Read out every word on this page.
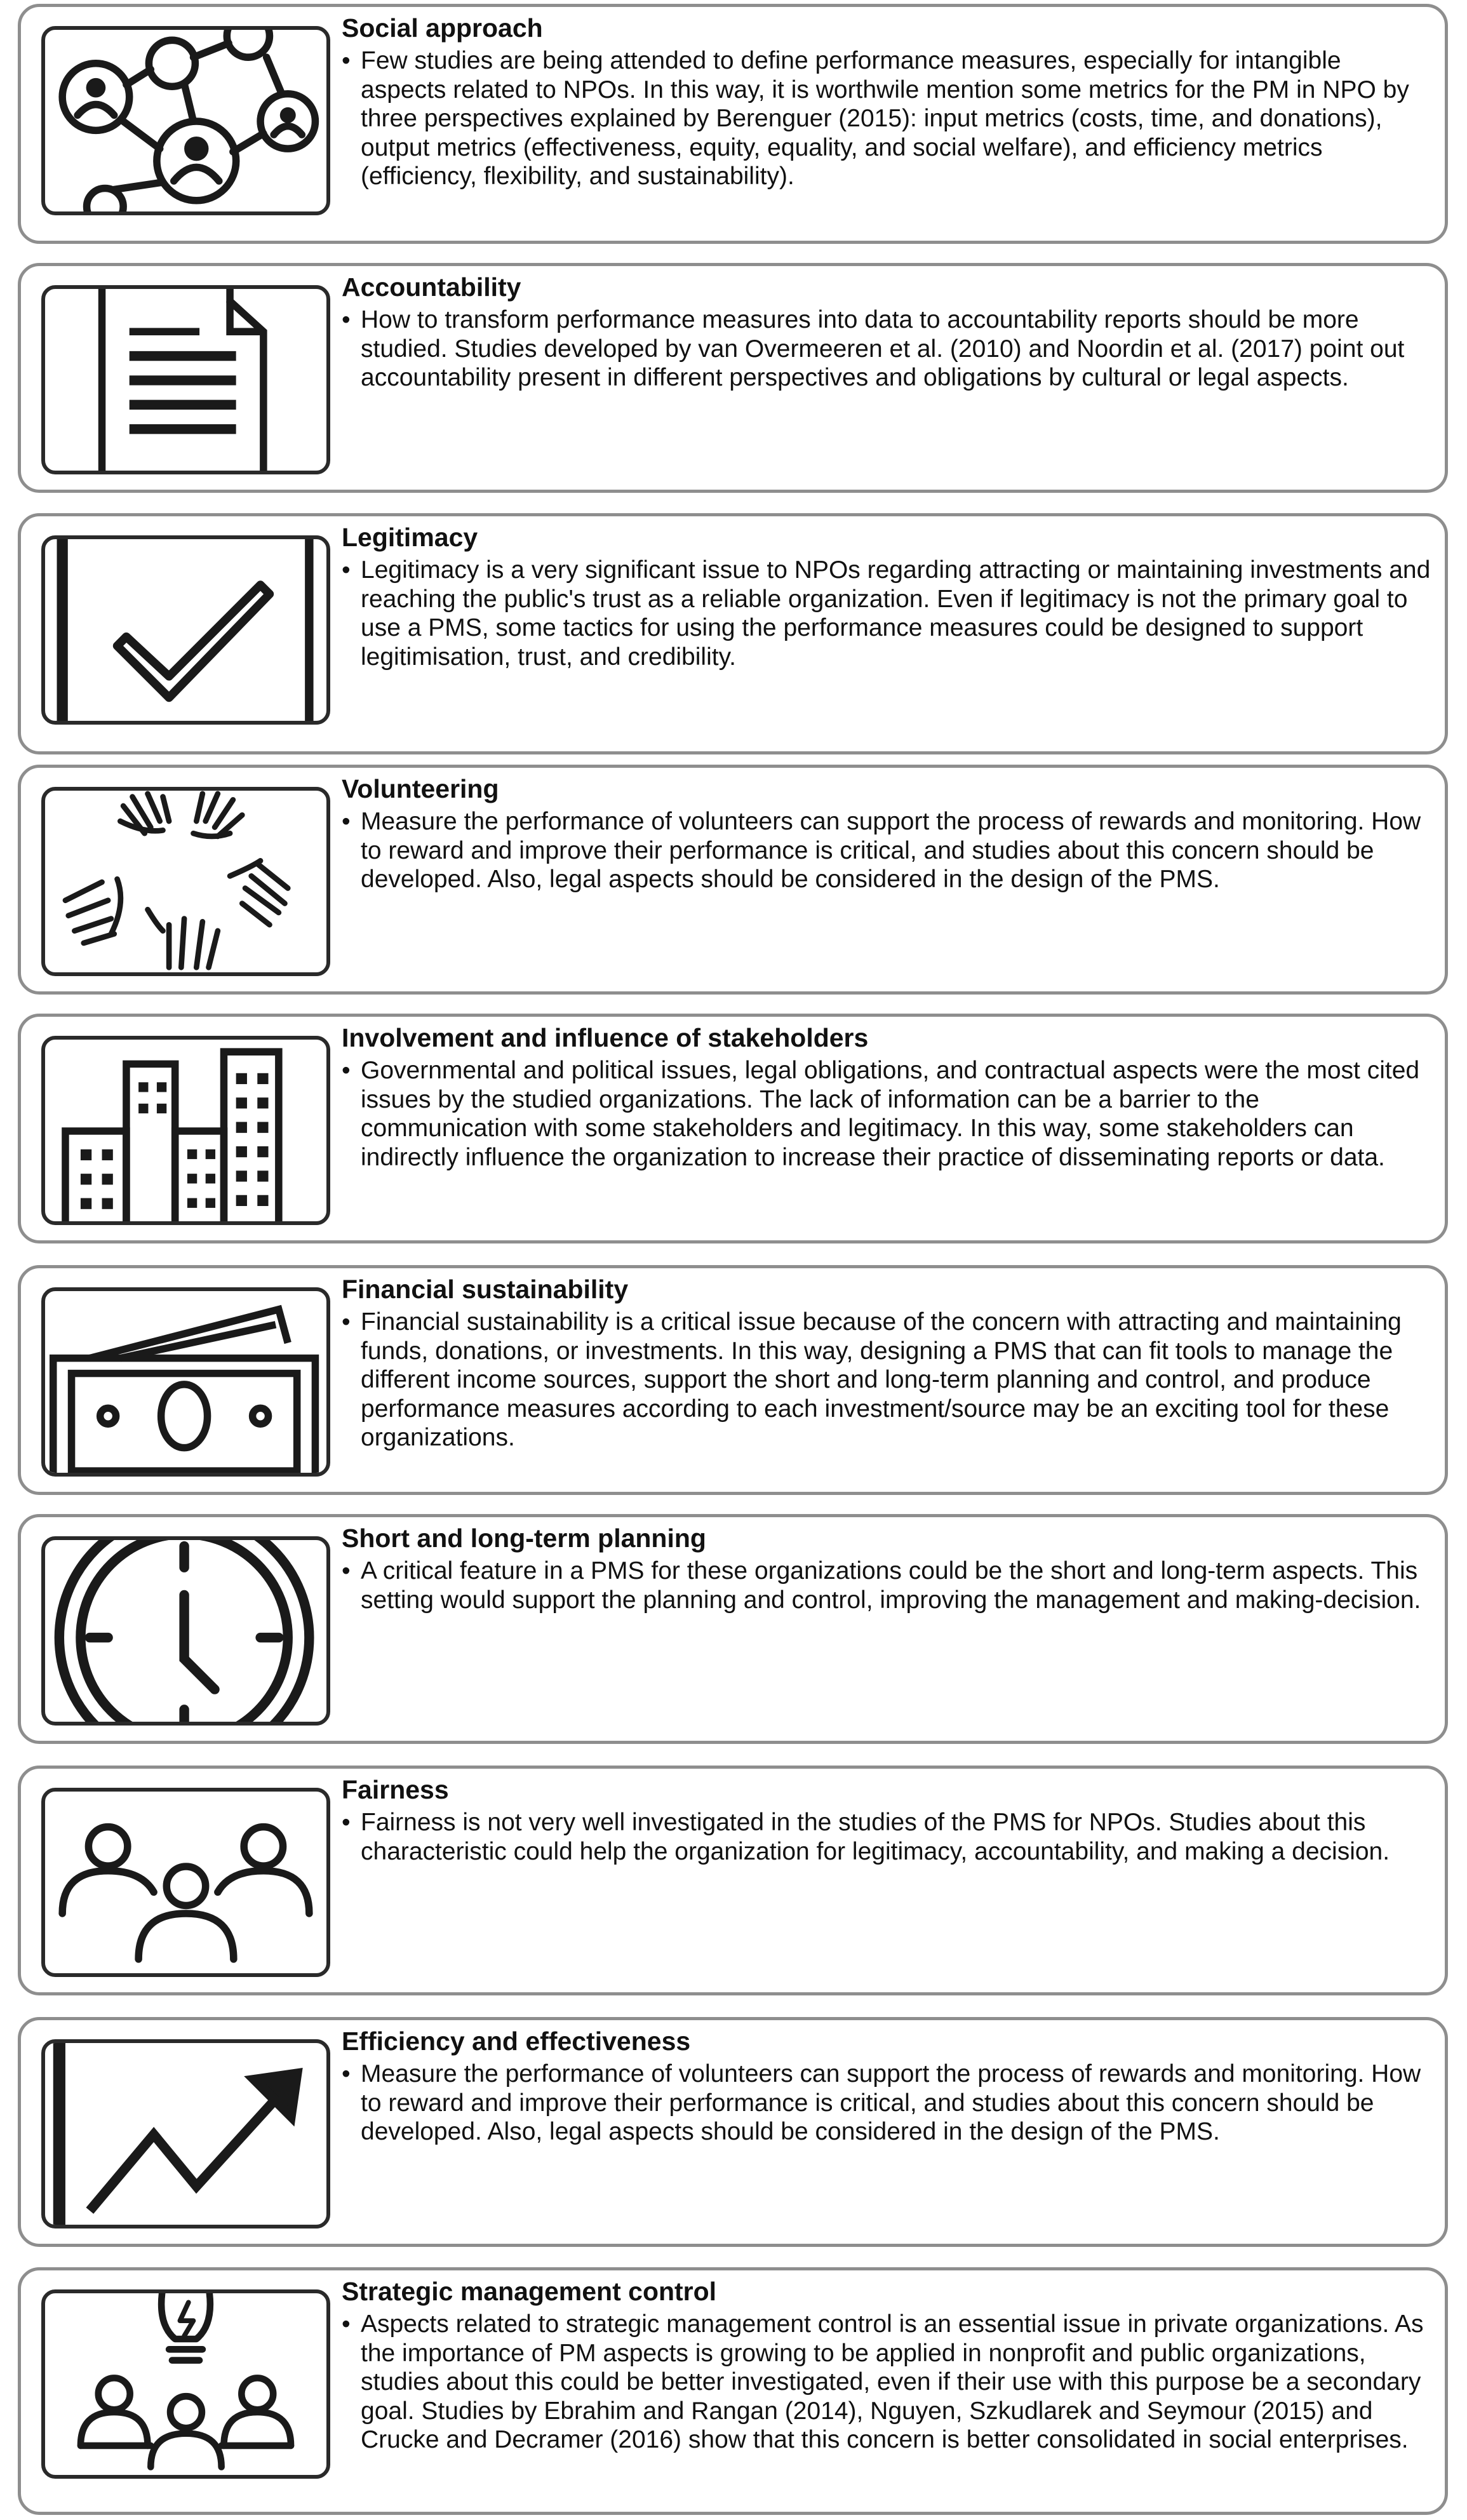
Social approach

• Few studies are being attended to define performance measures, especially for intangible aspects related to NPOs. In this way, it is worthwile mention some metrics for the PM in NPO by three perspectives explained by Berenguer (2015): input metrics (costs, time, and donations), output metrics (effectiveness, equity, equality, and social welfare), and efficiency metrics (efficiency, flexibility, and sustainability).

Accountability

• How to transform performance measures into data to accountability reports should be more studied. Studies developed by van Overmeeren et al. (2010) and Noordin et al. (2017) point out accountability present in different perspectives and obligations by cultural or legal aspects.

Legitimacy

• Legitimacy is a very significant issue to NPOs regarding attracting or maintaining investments and reaching the public's trust as a reliable organization. Even if legitimacy is not the primary goal to use a PMS, some tactics for using the performance measures could be designed to support legitimisation, trust, and credibility.

Volunteering

• Measure the performance of volunteers can support the process of rewards and monitoring. How to reward and improve their performance is critical, and studies about this concern should be developed. Also, legal aspects should be considered in the design of the PMS.

Involvement and influence of stakeholders

• Governmental and political issues, legal obligations, and contractual aspects were the most cited issues by the studied organizations. The lack of information can be a barrier to the communication with some stakeholders and legitimacy. In this way, some stakeholders can indirectly influence the organization to increase their practice of disseminating reports or data.

Financial sustainability

• Financial sustainability is a critical issue because of the concern with attracting and maintaining funds, donations, or investments. In this way, designing a PMS that can fit tools to manage the different income sources, support the short and long-term planning and control, and produce performance measures according to each investment/source may be an exciting tool for these organizations.

Short and long-term planning

• A critical feature in a PMS for these organizations could be the short and long-term aspects. This setting would support the planning and control, improving the management and making-decision.

Fairness

• Fairness is not very well investigated in the studies of the PMS for NPOs. Studies about this characteristic could help the organization for legitimacy, accountability, and making a decision.

Efficiency and effectiveness

• Measure the performance of volunteers can support the process of rewards and monitoring. How to reward and improve their performance is critical, and studies about this concern should be developed. Also, legal aspects should be considered in the design of the PMS.

Strategic management control

• Aspects related to strategic management control is an essential issue in private organizations. As the importance of PM aspects is growing to be applied in nonprofit and public organizations, studies about this could be better investigated, even if their use with this purpose be a secondary goal. Studies by Ebrahim and Rangan (2014), Nguyen, Szkudlarek and Seymour (2015) and Crucke and Decramer (2016) show that this concern is better consolidated in social enterprises.
